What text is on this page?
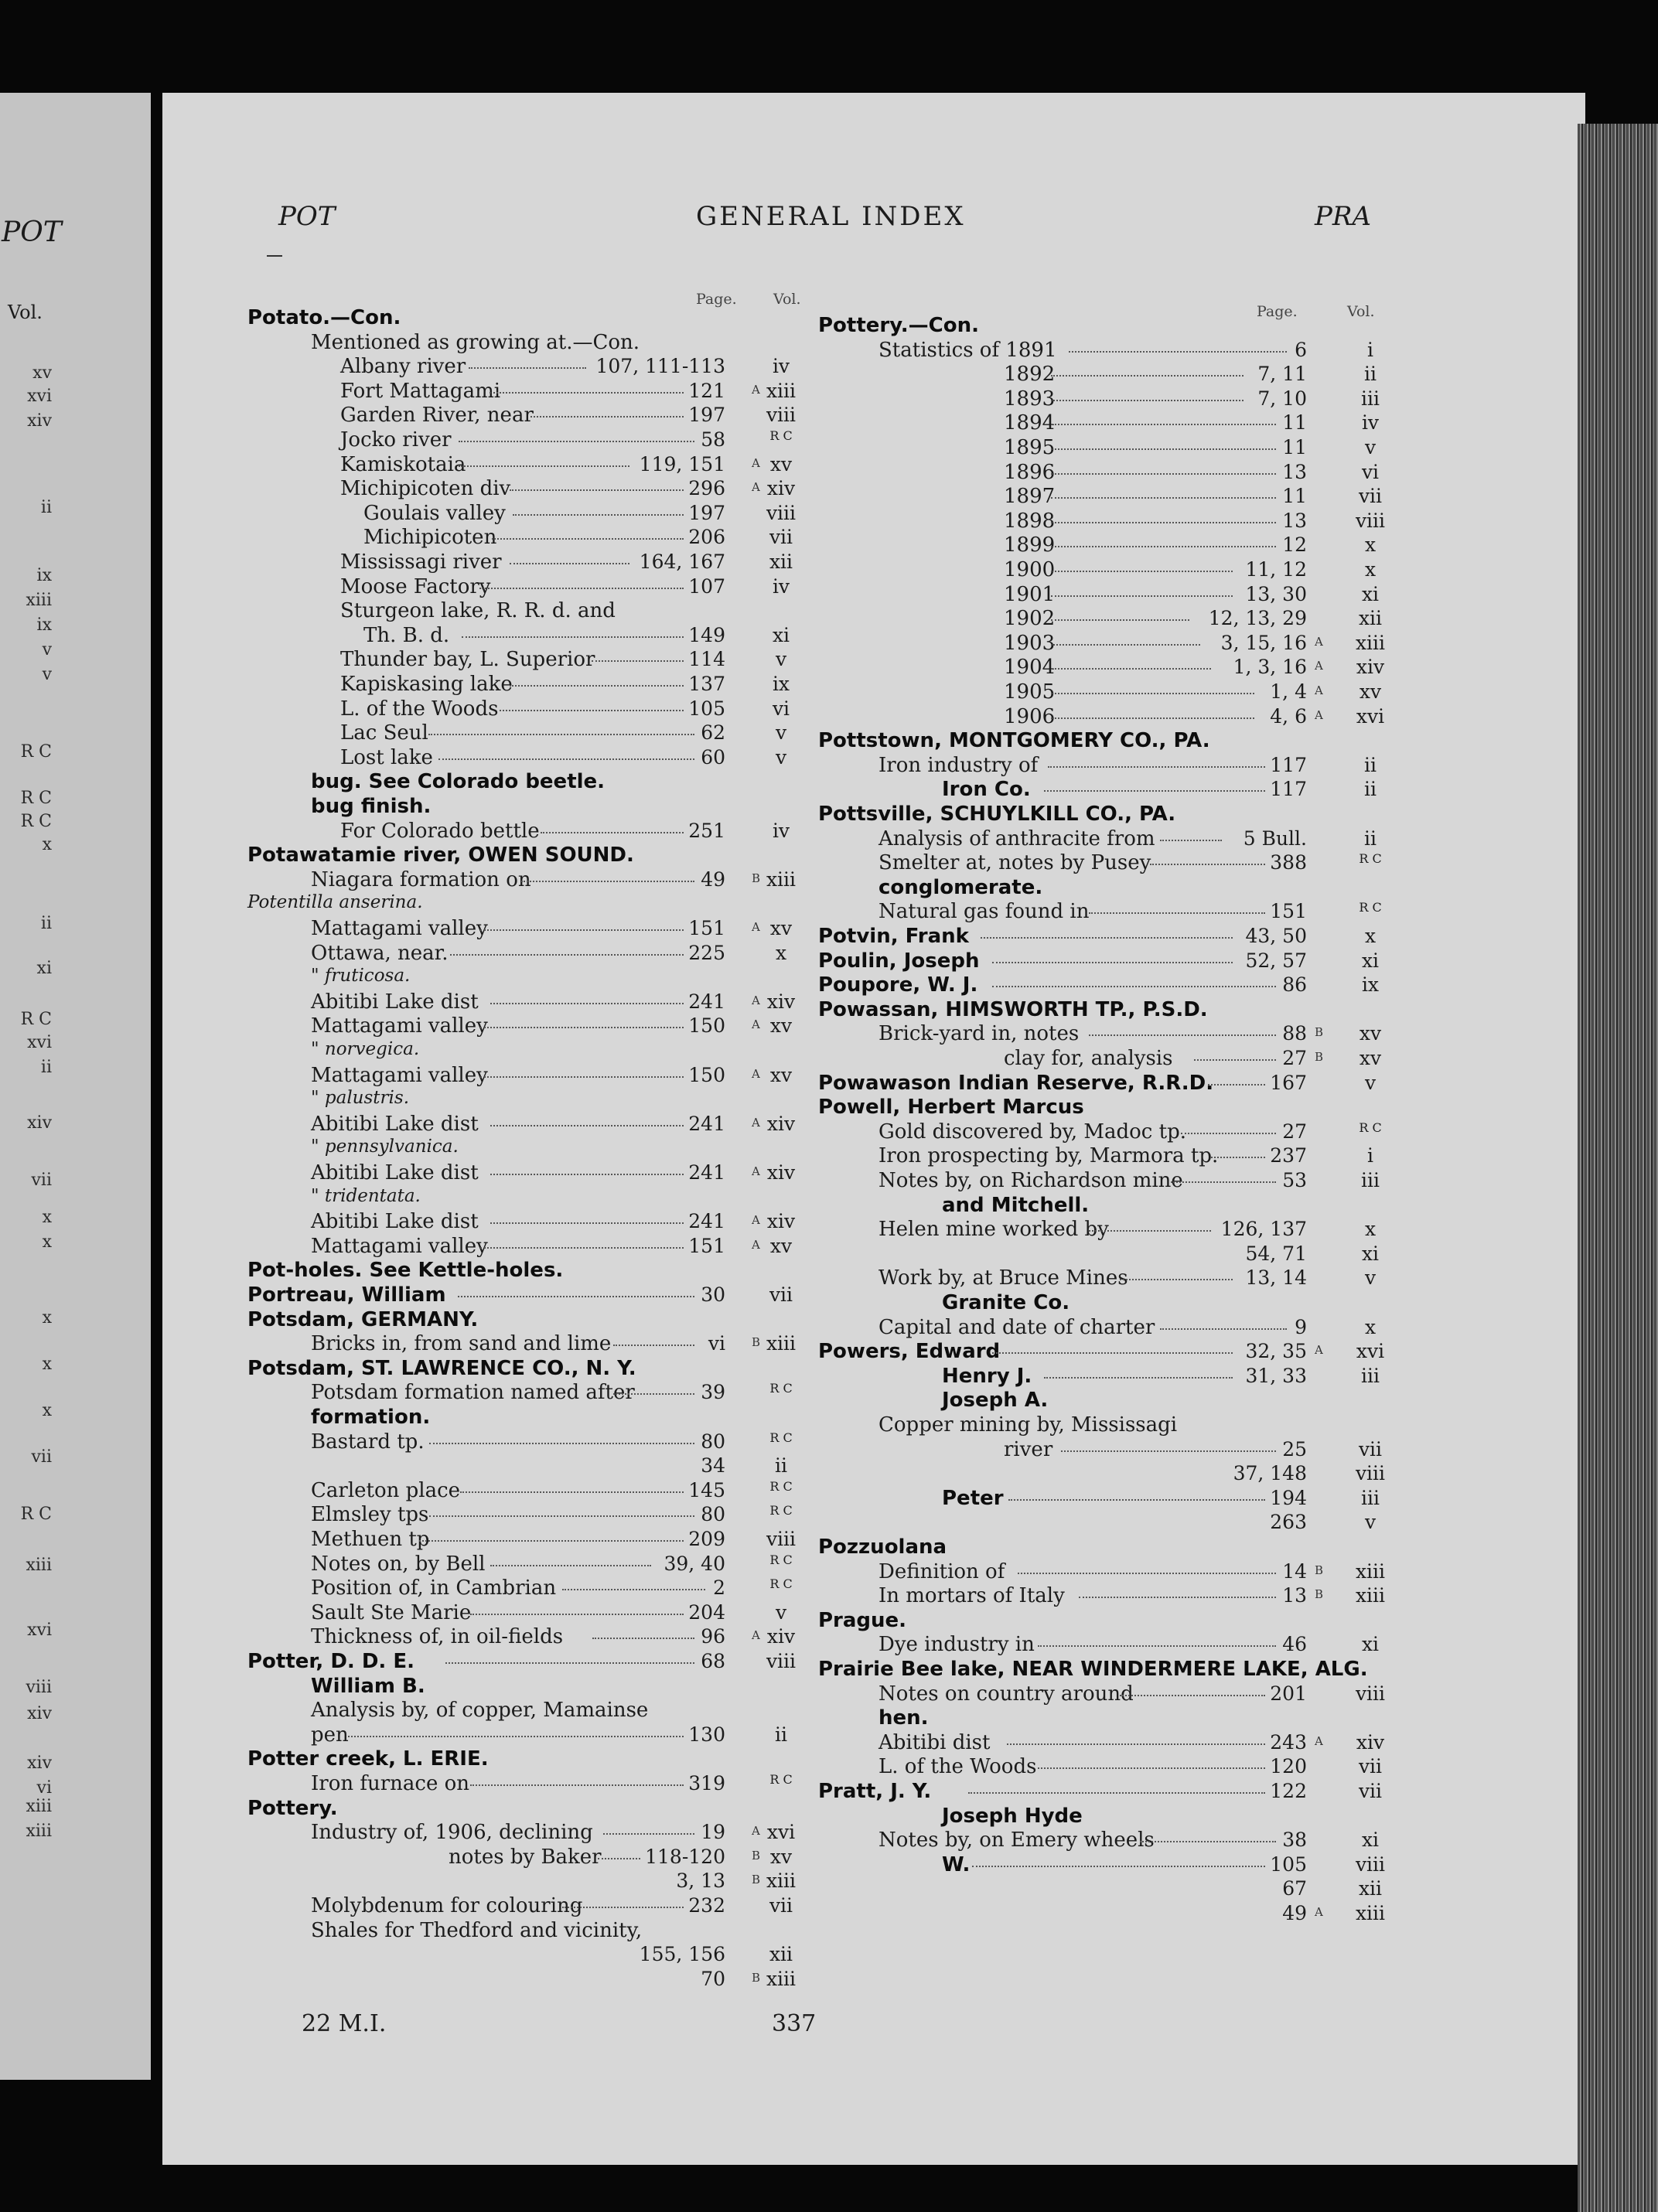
POT
Vol.
xv
xvi
xiv
ii
ix
xiii
ix
v
v
R C
R C
R C
x
ii
xi
R C
xvi
ii
xiv
vii
x
x
x
x
x
vii
R C
xiii
xvi
viii
xiv
xiv
vi
xiii
xiii
POT	GENERAL INDEX	PRA
Page. Vol.
Page.	Vol.
Potato.—Con.
Mentioned as growing at.—Con.
Albany river	107, 111-113	iv
Fort Mattagami	121 A xiii
Garden River, near	197	viii
Jocko river	58	R C
Kamiskotaia	119, 151 A xv
Michipicoten div	296 A xiv
Goulais valley	197	viii
Michipicoten	206	vii
Mississagi river	164, 167	xii
Moose Factory	107	iv
Sturgeon lake, R. R. d. and
Th. B. d.	149	xi
Thunder bay, L. Superior	114	v
Kapiskasing lake	137	ix
L. of the Woods	105	vi
Lac Seul	62	v
Lost lake	60	v
bug. See Colorado beetle.
bug finish.
For Colorado bettle	251	iv
Potawatamie river, OWEN SOUND.
Niagara formation on	49 B xiii
Potentilla anserina.
Mattagami valley	151 A xv
Ottawa, near.	225	x
" fruticosa.
Abitibi Lake dist	241 A xiv
Mattagami valley	150 A xv
" norvegica.
Mattagami valley	150 A xv
" palustris.
Abitibi Lake dist	241 A xiv
" pennsylvanica.
Abitibi Lake dist	241 A xiv
" tridentata.
Abitibi Lake dist	241 A xiv
Mattagami valley	151 A xv
Pot-holes. See Kettle-holes.
Portreau, William	30	vii
Potsdam, GERMANY.
Bricks in, from sand and lime	vi B xiii
Potsdam, ST. LAWRENCE CO., N. Y.
Potsdam formation named after	39	R C
formation.
Bastard tp.	80	R C
34	ii
Carleton place	145	R C
Elmsley tps	80	R C
Methuen tp	209	viii
Notes on, by Bell	39, 40	R C
Position of, in Cambrian	2	R C
Sault Ste Marie	204	v
Thickness of, in oil-fields	96 A xiv
Potter, D. D. E.	68	viii
William B.
Analysis by, of copper, Mamainse
pen	130	ii
Potter creek, L. ERIE.
Iron furnace on	319	R C
Pottery.
Industry of, 1906, declining	19 A xvi
notes by Baker 118-120 B xv
3, 13 B xiii
Molybdenum for colouring	232	vii
Shales for Thedford and vicinity,
155, 156	xii
70 B xiii
Pottery.—Con.
Statistics of 1891	6	i
1892	7, 11	ii
1893	7, 10	iii
1894	11	iv
1895	11	v
1896	13	vi
1897	11	vii
1898	13	viii
1899	12	x
1900	11, 12	x
1901	13, 30	xi
1902	12, 13, 29	xii
1903	3, 15, 16 A	xiii
1904	1, 3, 16 A	xiv
1905	1, 4 A	xv
1906	4, 6 A	xvi
Pottstown, MONTGOMERY CO., PA.
Iron industry of	117	ii
Iron Co.	117	ii
Pottsville, SCHUYLKILL CO., PA.
Analysis of anthracite from	5 Bull.	ii
Smelter at, notes by Pusey	388	R C
conglomerate.
Natural gas found in	151	R C
Potvin, Frank	43, 50	x
Poulin, Joseph	52, 57	xi
Poupore, W. J.	86	ix
Powassan, HIMSWORTH TP., P.S.D.
Brick-yard in, notes	88 B	xv
clay for, analysis	27 B	xv
Powawason Indian Reserve, R.R.D.	167	v
Powell, Herbert Marcus
Gold discovered by, Madoc tp.	27	R C
Iron prospecting by, Marmora tp.	237	i
Notes by, on Richardson mine	53	iii
and Mitchell.
Helen mine worked by	126, 137	x
54, 71	xi
Work by, at Bruce Mines	13, 14	v
Granite Co.
Capital and date of charter	9	x
Powers, Edward	32, 35 A	xvi
Henry J.	31, 33	iii
Joseph A.
Copper mining by, Mississagi
river	25	vii
37, 148	viii
Peter	194	iii
263	v
Pozzuolana
Definition of	14 B	xiii
In mortars of Italy	13 B	xiii
Prague.
Dye industry in	46	xi
Prairie Bee lake, NEAR WINDERMERE LAKE, ALG.
Notes on country around	201	viii
hen.
Abitibi dist	243 A	xiv
L. of the Woods	120	vii
Pratt, J. Y.	122	vii
Joseph Hyde
Notes by, on Emery wheels	38	xi
W.	105	viii
67	xii
49 A	xiii
22 M.I.	337
